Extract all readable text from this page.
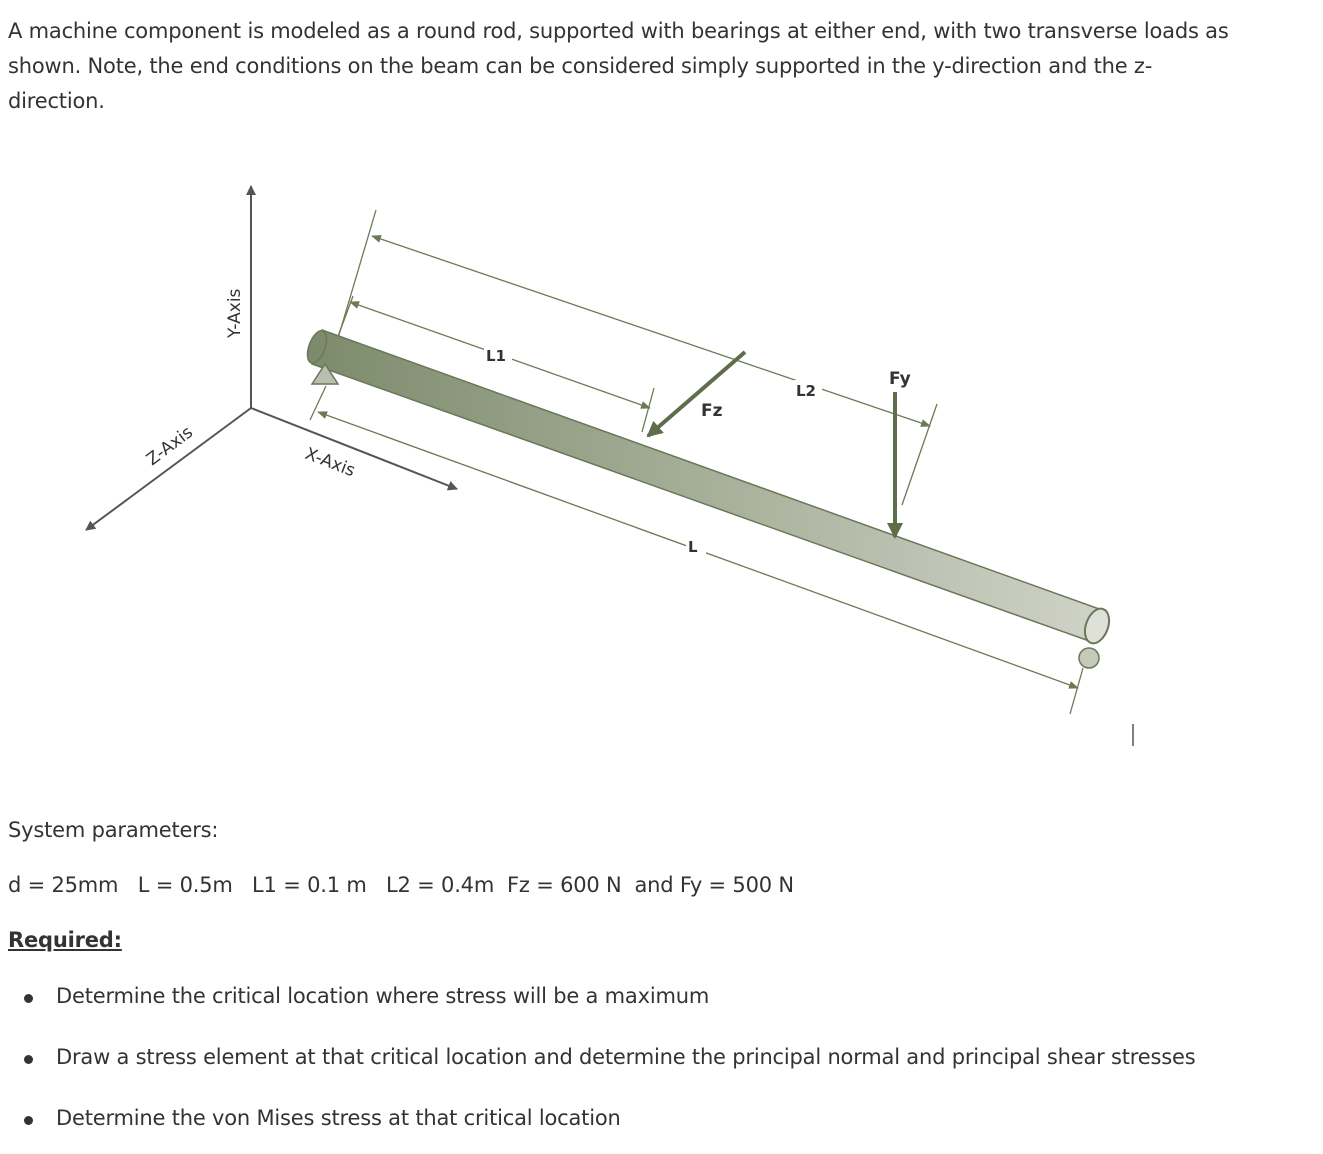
A machine component is modeled as a round rod, supported with bearings at either end, with two transverse loads as shown. Note, the end conditions on the beam can be considered simply supported in the y-direction and the z-direction.

Y-Axis
X-Axis
Z-Axis
L1
L2
L
Fz
Fy

System parameters:

d = 25mm   L = 0.5m   L1 = 0.1 m   L2 = 0.4m  Fz = 600 N  and Fy = 500 N

Required:

Determine the critical location where stress will be a maximum

Draw a stress element at that critical location and determine the principal normal and principal shear stresses

Determine the von Mises stress at that critical location
